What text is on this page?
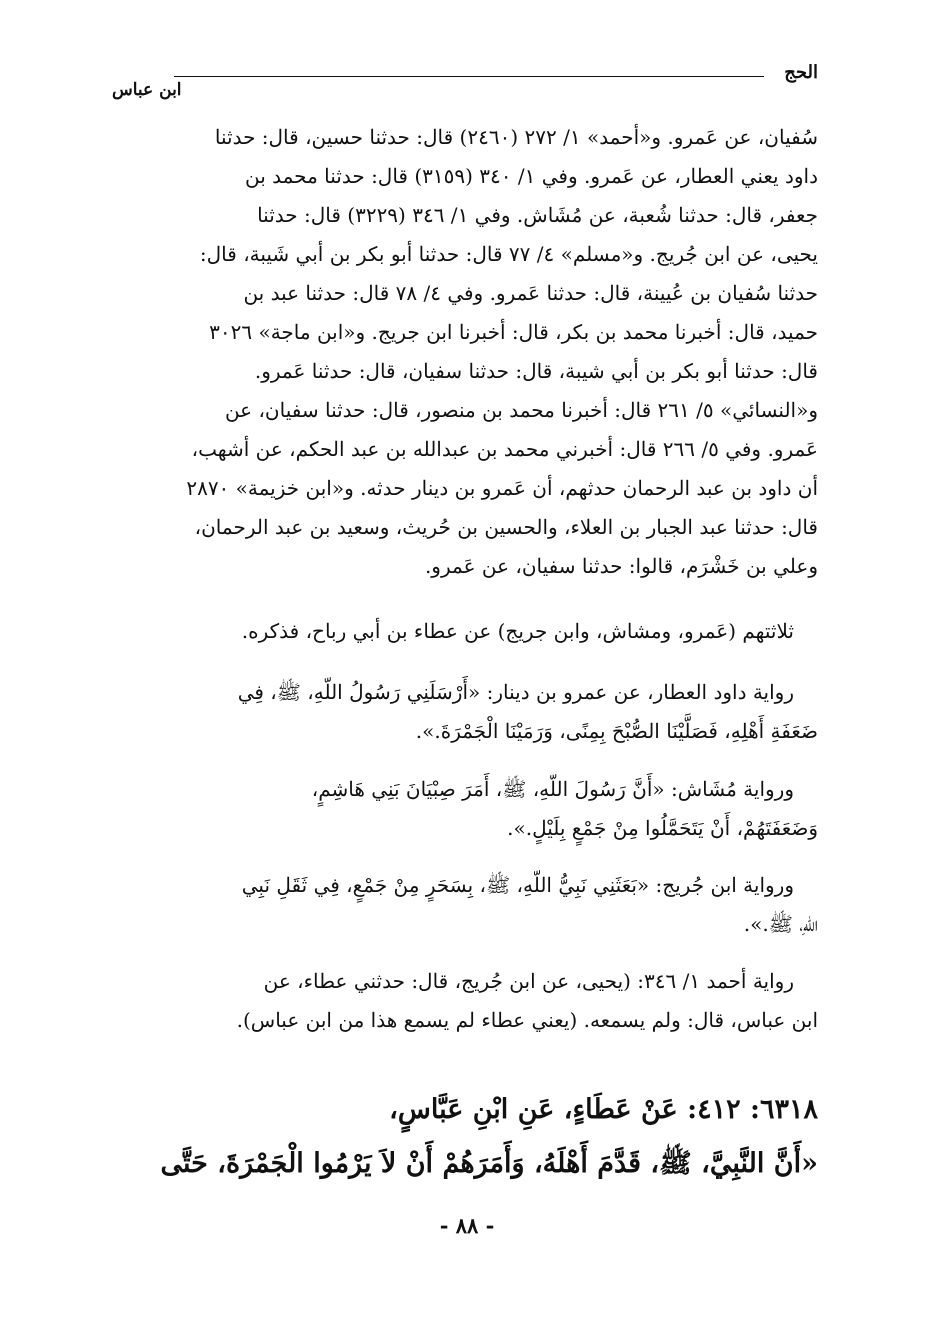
الحج
ابن عباس
سُفيان، عن عَمرو. و«أحمد» ١/ ٢٧٢ (٢٤٦٠) قال: حدثنا حسين، قال: حدثنا
داود يعني العطار، عن عَمرو. وفي ١/ ٣٤٠ (٣١٥٩) قال: حدثنا محمد بن
جعفر، قال: حدثنا شُعبة، عن مُشَاش. وفي ١/ ٣٤٦ (٣٢٢٩) قال: حدثنا
يحيى، عن ابن جُريج. و«مسلم» ٤/ ٧٧ قال: حدثنا أبو بكر بن أبي شَيبة، قال:
حدثنا سُفيان بن عُيينة، قال: حدثنا عَمرو. وفي ٤/ ٧٨ قال: حدثنا عبد بن
حميد، قال: أخبرنا محمد بن بكر، قال: أخبرنا ابن جريج. و«ابن ماجة» ٣٠٢٦
قال: حدثنا أبو بكر بن أبي شيبة، قال: حدثنا سفيان، قال: حدثنا عَمرو.
و«النسائي» ٥/ ٢٦١ قال: أخبرنا محمد بن منصور، قال: حدثنا سفيان، عن
عَمرو. وفي ٥/ ٢٦٦ قال: أخبرني محمد بن عبدالله بن عبد الحكم، عن أشهب،
أن داود بن عبد الرحمان حدثهم، أن عَمرو بن دينار حدثه. و«ابن خزيمة» ٢٨٧٠
قال: حدثنا عبد الجبار بن العلاء، والحسين بن حُريث، وسعيد بن عبد الرحمان،
وعلي بن خَشْرَم، قالوا: حدثنا سفيان، عن عَمرو.
ثلاثتهم (عَمرو، ومشاش، وابن جريج) عن عطاء بن أبي رباح، فذكره.
رواية داود العطار، عن عمرو بن دينار: «أَرْسَلَنِي رَسُولُ اللّهِ، ﷺ، فِي
ضَعَفَةِ أَهْلِهِ، فَصَلَّيْنَا الصُّبْحَ بِمِنًى، وَرَمَيْنَا الْجَمْرَةَ.».
ورواية مُشَاش: «أَنَّ رَسُولَ اللّهِ، ﷺ، أَمَرَ صِبْيَانَ بَنِي هَاشِمٍ،
وَضَعَفَتَهُمْ، أَنْ يَتَحَمَّلُوا مِنْ جَمْعٍ بِلَيْلٍ.».
ورواية ابن جُريج: «بَعَثَنِي نَبِيُّ اللّهِ، ﷺ، بِسَحَرٍ مِنْ جَمْعٍ، فِي ثَقَلِ نَبِي
اللّهِ، ﷺ.».
رواية أحمد ١/ ٣٤٦: (يحيى، عن ابن جُريج، قال: حدثني عطاء، عن
ابن عباس، قال: ولم يسمعه. (يعني عطاء لم يسمع هذا من ابن عباس).
٦٣١٨: ٤١٢: عَنْ عَطَاءٍ، عَنِ ابْنِ عَبَّاسٍ،
«أَنَّ النَّبِيَّ، ﷺ، قَدَّمَ أَهْلَهُ، وَأَمَرَهُمْ أَنْ لاَ يَرْمُوا الْجَمْرَةَ، حَتَّى
- ٨٨ -
